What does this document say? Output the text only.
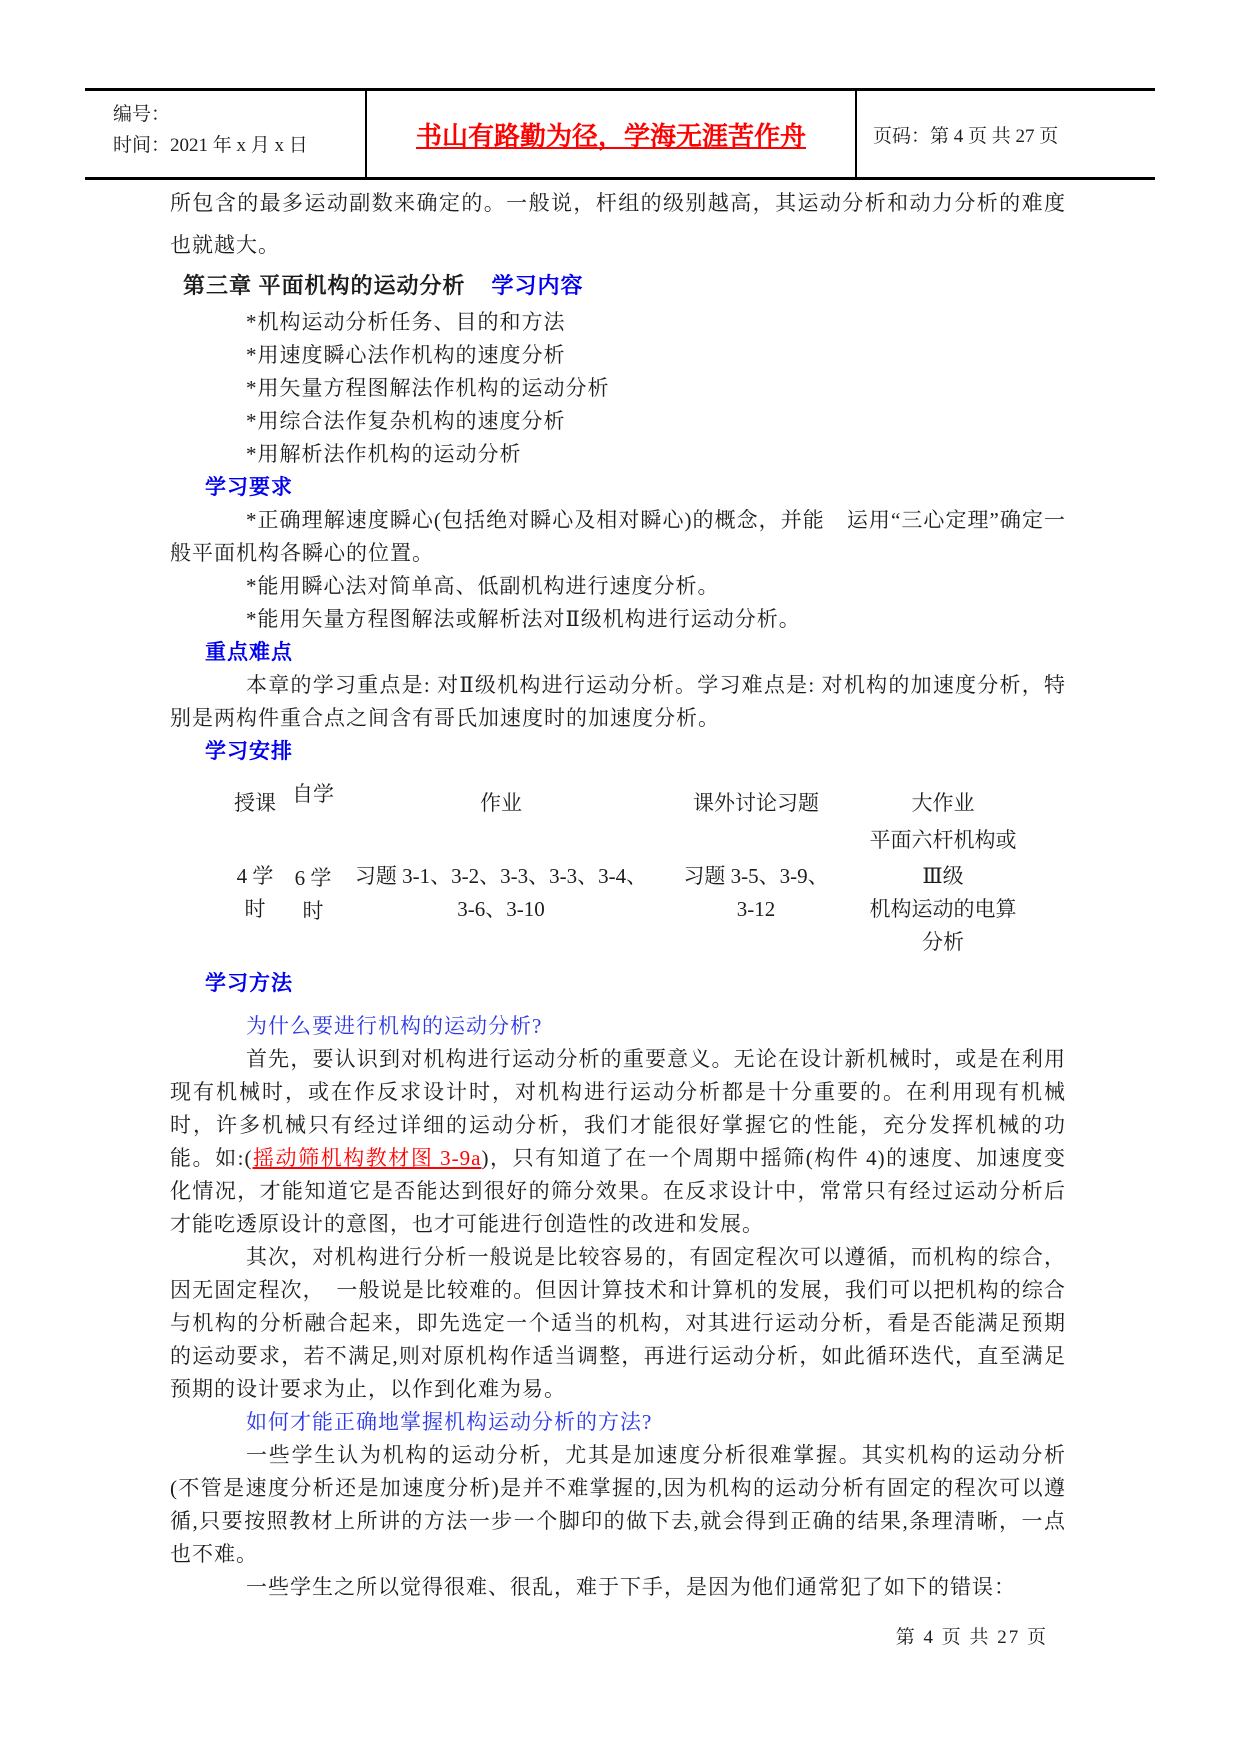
编号：
时间：2021 年 x 月 x 日	书山有路勤为径，学海无涯苦作舟	页码：第 4 页 共 27 页

所包含的最多运动副数来确定的。一般说，杆组的级别越高，其运动分析和动力分析的难度也就越大。

第三章 平面机构的运动分析 学习内容
*机构运动分析任务、目的和方法
*用速度瞬心法作机构的速度分析
*用矢量方程图解法作机构的运动分析
*用综合法作复杂机构的速度分析
*用解析法作机构的运动分析
学习要求

*正确理解速度瞬心(包括绝对瞬心及相对瞬心)的概念，并能　运用“三心定理”确定一般平面机构各瞬心的位置。

*能用瞬心法对简单高、低副机构进行速度分析。
*能用矢量方程图解法或解析法对Ⅱ级机构进行运动分析。
重点难点

本章的学习重点是: 对Ⅱ级机构进行运动分析。学习难点是: 对机构的加速度分析，特别是两构件重合点之间含有哥氏加速度时的加速度分析。

学习安排
授课
4 学
时
自学
6 学
时
作业
习题 3-1、3-2、3-3、3-3、3-4、
3-6、3-10
课外讨论习题
习题 3-5、3-9、
3-12
大作业
平面六杆机构或
Ⅲ级
机构运动的电算
分析
学习方法
为什么要进行机构的运动分析?

首先，要认识到对机构进行运动分析的重要意义。无论在设计新机械时，或是在利用现有机械时，或在作反求设计时，对机构进行运动分析都是十分重要的。在利用现有机械时，许多机械只有经过详细的运动分析，我们才能很好掌握它的性能，充分发挥机械的功能。如:(摇动筛机构教材图 3-9a)，只有知道了在一个周期中摇筛(构件 4)的速度、加速度变化情况，才能知道它是否能达到很好的筛分效果。在反求设计中，常常只有经过运动分析后才能吃透原设计的意图，也才可能进行创造性的改进和发展。

其次，对机构进行分析一般说是比较容易的，有固定程次可以遵循，而机构的综合，因无固定程次，　一般说是比较难的。但因计算技术和计算机的发展，我们可以把机构的综合与机构的分析融合起来，即先选定一个适当的机构，对其进行运动分析，看是否能满足预期的运动要求，若不满足,则对原机构作适当调整，再进行运动分析，如此循环迭代，直至满足预期的设计要求为止，以作到化难为易。

如何才能正确地掌握机构运动分析的方法?

一些学生认为机构的运动分析，尤其是加速度分析很难掌握。其实机构的运动分析(不管是速度分析还是加速度分析)是并不难掌握的,因为机构的运动分析有固定的程次可以遵循,只要按照教材上所讲的方法一步一个脚印的做下去,就会得到正确的结果,条理清晰，一点也不难。

一些学生之所以觉得很难、很乱，难于下手，是因为他们通常犯了如下的错误：

第 4 页 共 27 页
